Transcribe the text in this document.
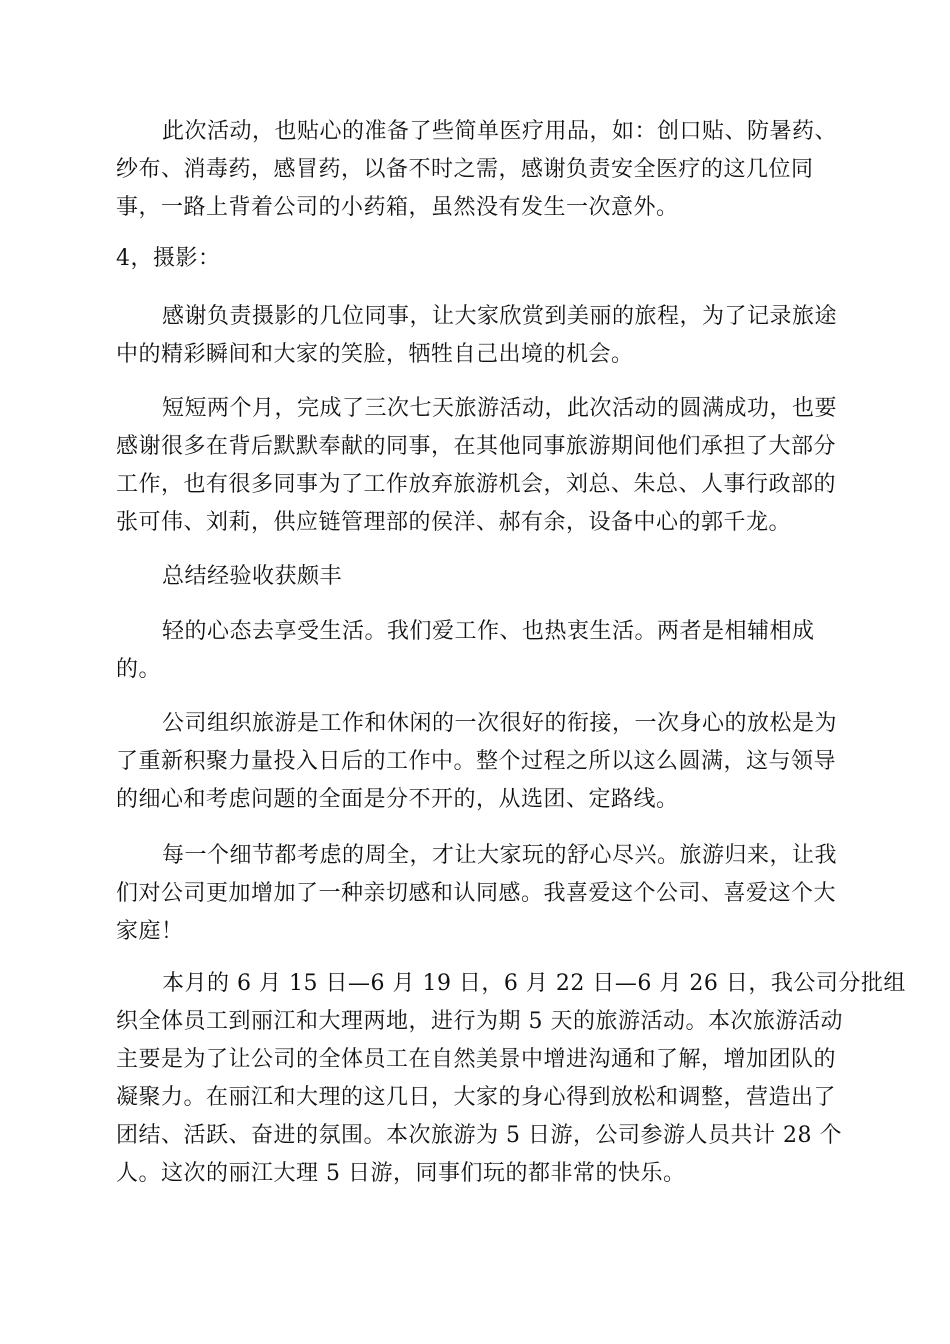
此次活动，也贴心的准备了些简单医疗用品，如：创口贴、防暑药、
纱布、消毒药，感冒药，以备不时之需，感谢负责安全医疗的这几位同
事，一路上背着公司的小药箱，虽然没有发生一次意外。

4，摄影：

感谢负责摄影的几位同事，让大家欣赏到美丽的旅程，为了记录旅途
中的精彩瞬间和大家的笑脸，牺牲自己出境的机会。

短短两个月，完成了三次七天旅游活动，此次活动的圆满成功，也要
感谢很多在背后默默奉献的同事，在其他同事旅游期间他们承担了大部分
工作，也有很多同事为了工作放弃旅游机会，刘总、朱总、人事行政部的
张可伟、刘莉，供应链管理部的侯洋、郝有余，设备中心的郭千龙。

总结经验收获颇丰

轻的心态去享受生活。我们爱工作、也热衷生活。两者是相辅相成
的。

公司组织旅游是工作和休闲的一次很好的衔接，一次身心的放松是为
了重新积聚力量投入日后的工作中。整个过程之所以这么圆满，这与领导
的细心和考虑问题的全面是分不开的，从选团、定路线。

每一个细节都考虑的周全，才让大家玩的舒心尽兴。旅游归来，让我
们对公司更加增加了一种亲切感和认同感。我喜爱这个公司、喜爱这个大
家庭！

本月的 6 月 15 日—6 月 19 日，6 月 22 日—6 月 26 日，我公司分批组
织全体员工到丽江和大理两地，进行为期 5 天的旅游活动。本次旅游活动
主要是为了让公司的全体员工在自然美景中增进沟通和了解，增加团队的
凝聚力。在丽江和大理的这几日，大家的身心得到放松和调整，营造出了
团结、活跃、奋进的氛围。本次旅游为 5 日游，公司参游人员共计 28 个
人。这次的丽江大理 5 日游，同事们玩的都非常的快乐。
